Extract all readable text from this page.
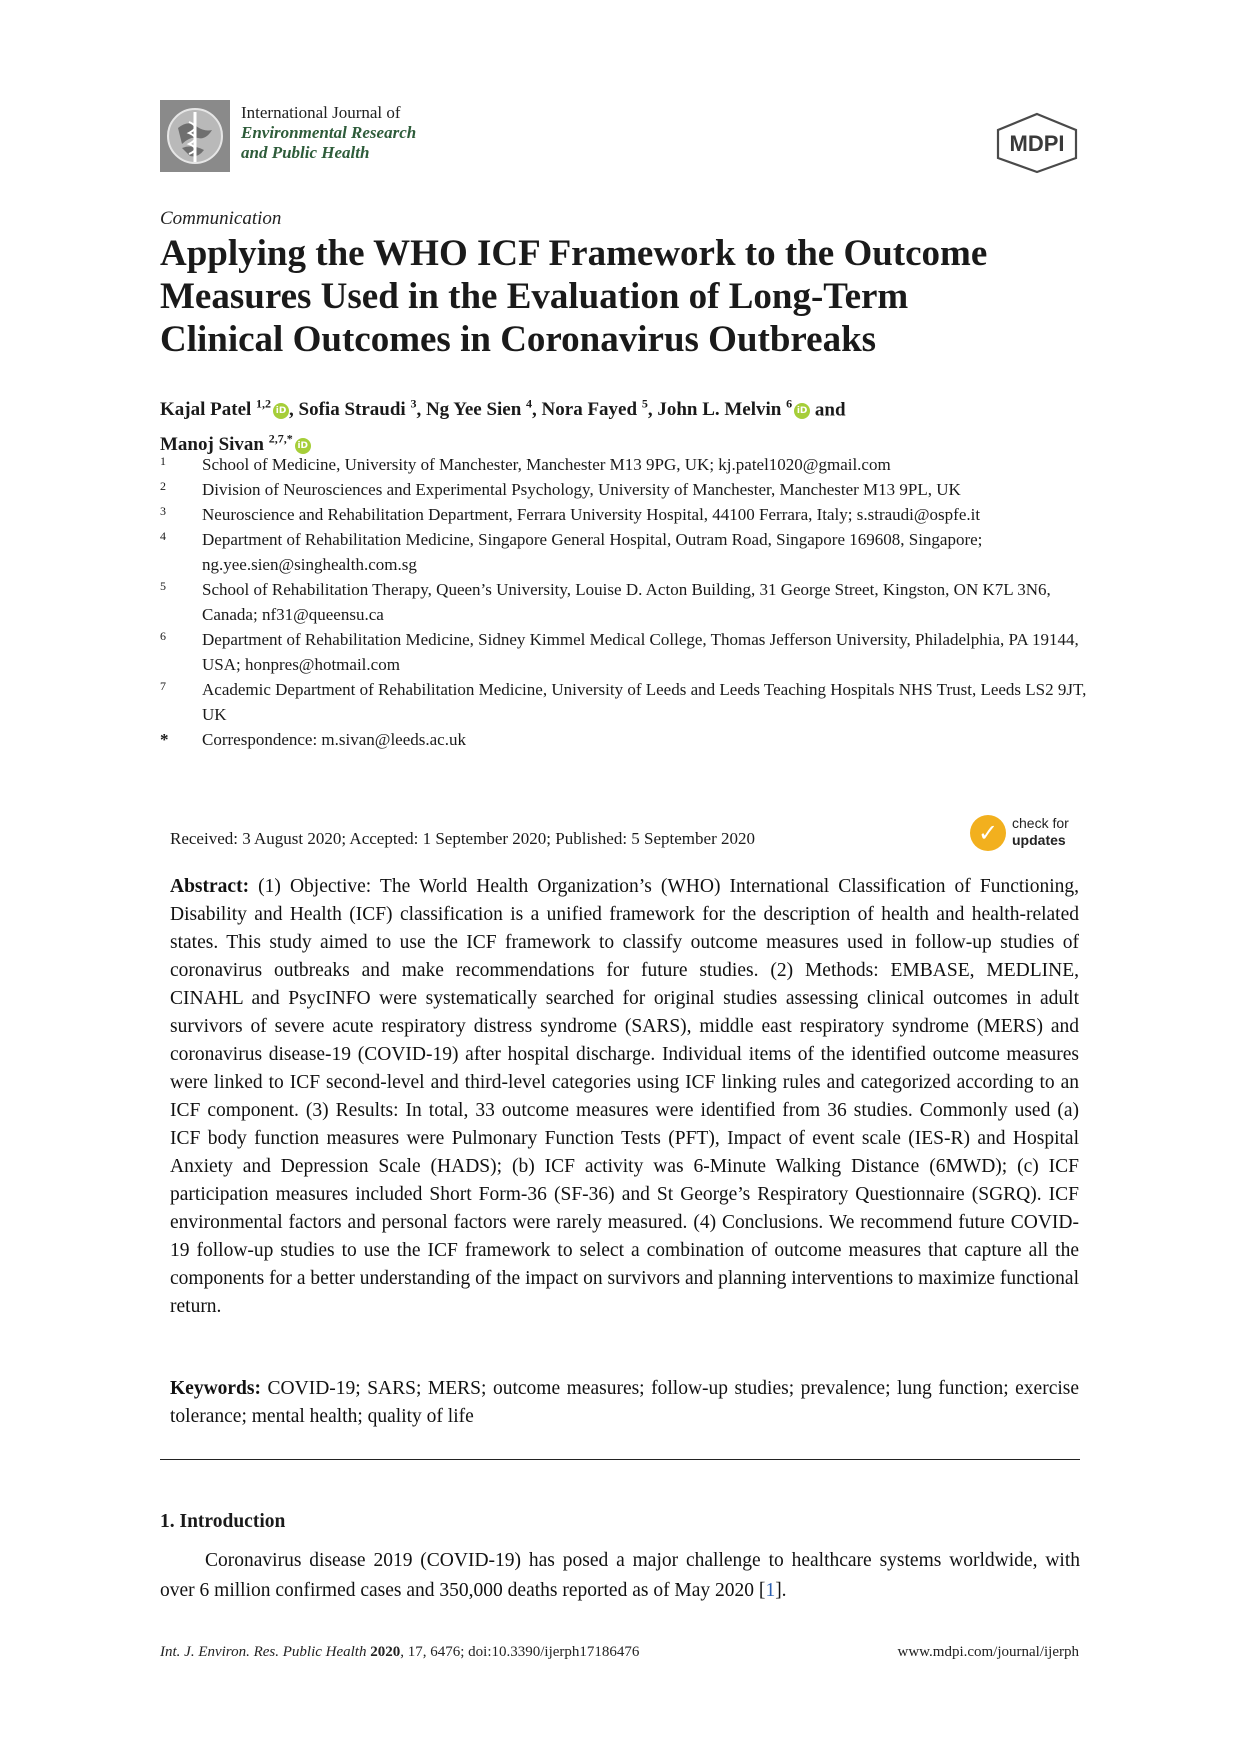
International Journal of
Environmental Research
and Public Health	MDPI
Communication
Applying the WHO ICF Framework to the Outcome
Measures Used in the Evaluation of Long-Term
Clinical Outcomes in Coronavirus Outbreaks
Kajal Patel $^{1,2}$iD , Sofia Straudi $^3$, Ng Yee Sien $^4$, Nora Fayed $^5$, John L. Melvin $^6$iD and
Manoj Sivan $^{2,7,*}$iD
1	School of Medicine, University of Manchester, Manchester M13 9PG, UK; kj.patel1020@gmail.com
2	Division of Neurosciences and Experimental Psychology, University of Manchester, Manchester M13 9PL, UK
3	Neuroscience and Rehabilitation Department, Ferrara University Hospital, 44100 Ferrara, Italy; s.straudi@ospfe.it
4	Department of Rehabilitation Medicine, Singapore General Hospital, Outram Road, Singapore 169608, Singapore; ng.yee.sien@singhealth.com.sg
5	School of Rehabilitation Therapy, Queen’s University, Louise D. Acton Building, 31 George Street, Kingston, ON K7L 3N6, Canada; nf31@queensu.ca
6	Department of Rehabilitation Medicine, Sidney Kimmel Medical College, Thomas Jefferson University, Philadelphia, PA 19144, USA; honpres@hotmail.com
7	Academic Department of Rehabilitation Medicine, University of Leeds and Leeds Teaching Hospitals NHS Trust, Leeds LS2 9JT, UK
*	Correspondence: m.sivan@leeds.ac.uk
Received: 3 August 2020; Accepted: 1 September 2020; Published: 5 September 2020	✓ check for
updates
Abstract: (1) Objective: The World Health Organization’s (WHO) International Classification of Functioning, Disability and Health (ICF) classification is a unified framework for the description of health and health-related states. This study aimed to use the ICF framework to classify outcome measures used in follow-up studies of coronavirus outbreaks and make recommendations for future studies. (2) Methods: EMBASE, MEDLINE, CINAHL and PsycINFO were systematically searched for original studies assessing clinical outcomes in adult survivors of severe acute respiratory distress syndrome (SARS), middle east respiratory syndrome (MERS) and coronavirus disease-19 (COVID-19) after hospital discharge. Individual items of the identified outcome measures were linked to ICF second-level and third-level categories using ICF linking rules and categorized according to an ICF component. (3) Results: In total, 33 outcome measures were identified from 36 studies. Commonly used (a) ICF body function measures were Pulmonary Function Tests (PFT), Impact of event scale (IES-R) and Hospital Anxiety and Depression Scale (HADS); (b) ICF activity was 6-Minute Walking Distance (6MWD); (c) ICF participation measures included Short Form-36 (SF-36) and St George’s Respiratory Questionnaire (SGRQ). ICF environmental factors and personal factors were rarely measured. (4) Conclusions. We recommend future COVID-19 follow-up studies to use the ICF framework to select a combination of outcome measures that capture all the components for a better understanding of the impact on survivors and planning interventions to maximize functional return.
Keywords: COVID-19; SARS; MERS; outcome measures; follow-up studies; prevalence; lung function; exercise tolerance; mental health; quality of life
1. Introduction
Coronavirus disease 2019 (COVID-19) has posed a major challenge to healthcare systems worldwide, with over 6 million confirmed cases and 350,000 deaths reported as of May 2020 [1].
Int. J. Environ. Res. Public Health 2020, 17, 6476; doi:10.3390/ijerph17186476	www.mdpi.com/journal/ijerph
